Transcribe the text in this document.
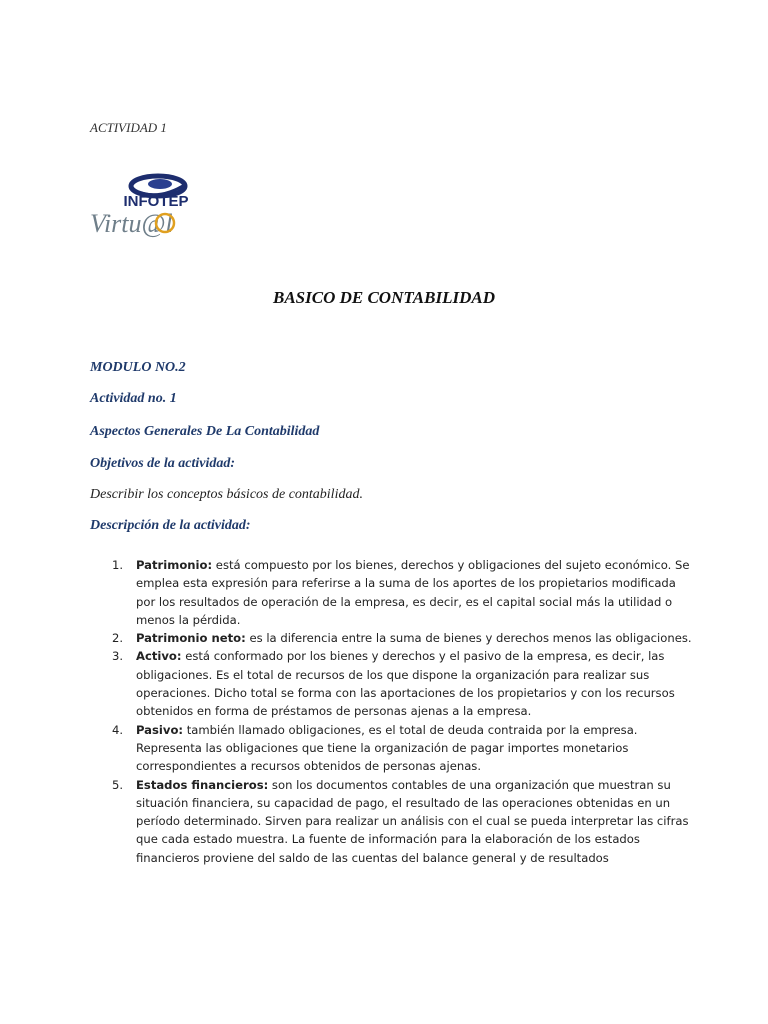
ACTIVIDAD 1
INFOTEP
Virtu@l
BASICO DE CONTABILIDAD
MODULO NO.2
Actividad no. 1
Aspectos Generales De La Contabilidad
Objetivos de la actividad:
Describir los conceptos básicos de contabilidad.
Descripción de la actividad:
1. Patrimonio: está compuesto por los bienes, derechos y obligaciones del sujeto económico. Se emplea esta expresión para referirse a la suma de los aportes de los propietarios modificada por los resultados de operación de la empresa, es decir, es el capital social más la utilidad o menos la pérdida.
2. Patrimonio neto: es la diferencia entre la suma de bienes y derechos menos las obligaciones.
3. Activo: está conformado por los bienes y derechos y el pasivo de la empresa, es decir, las obligaciones. Es el total de recursos de los que dispone la organización para realizar sus operaciones. Dicho total se forma con las aportaciones de los propietarios y con los recursos obtenidos en forma de préstamos de personas ajenas a la empresa.
4. Pasivo: también llamado obligaciones, es el total de deuda contraida por la empresa. Representa las obligaciones que tiene la organización de pagar importes monetarios correspondientes a recursos obtenidos de personas ajenas.
5. Estados financieros: son los documentos contables de una organización que muestran su situación financiera, su capacidad de pago, el resultado de las operaciones obtenidas en un período determinado. Sirven para realizar un análisis con el cual se pueda interpretar las cifras que cada estado muestra. La fuente de información para la elaboración de los estados financieros proviene del saldo de las cuentas del balance general y de resultados
